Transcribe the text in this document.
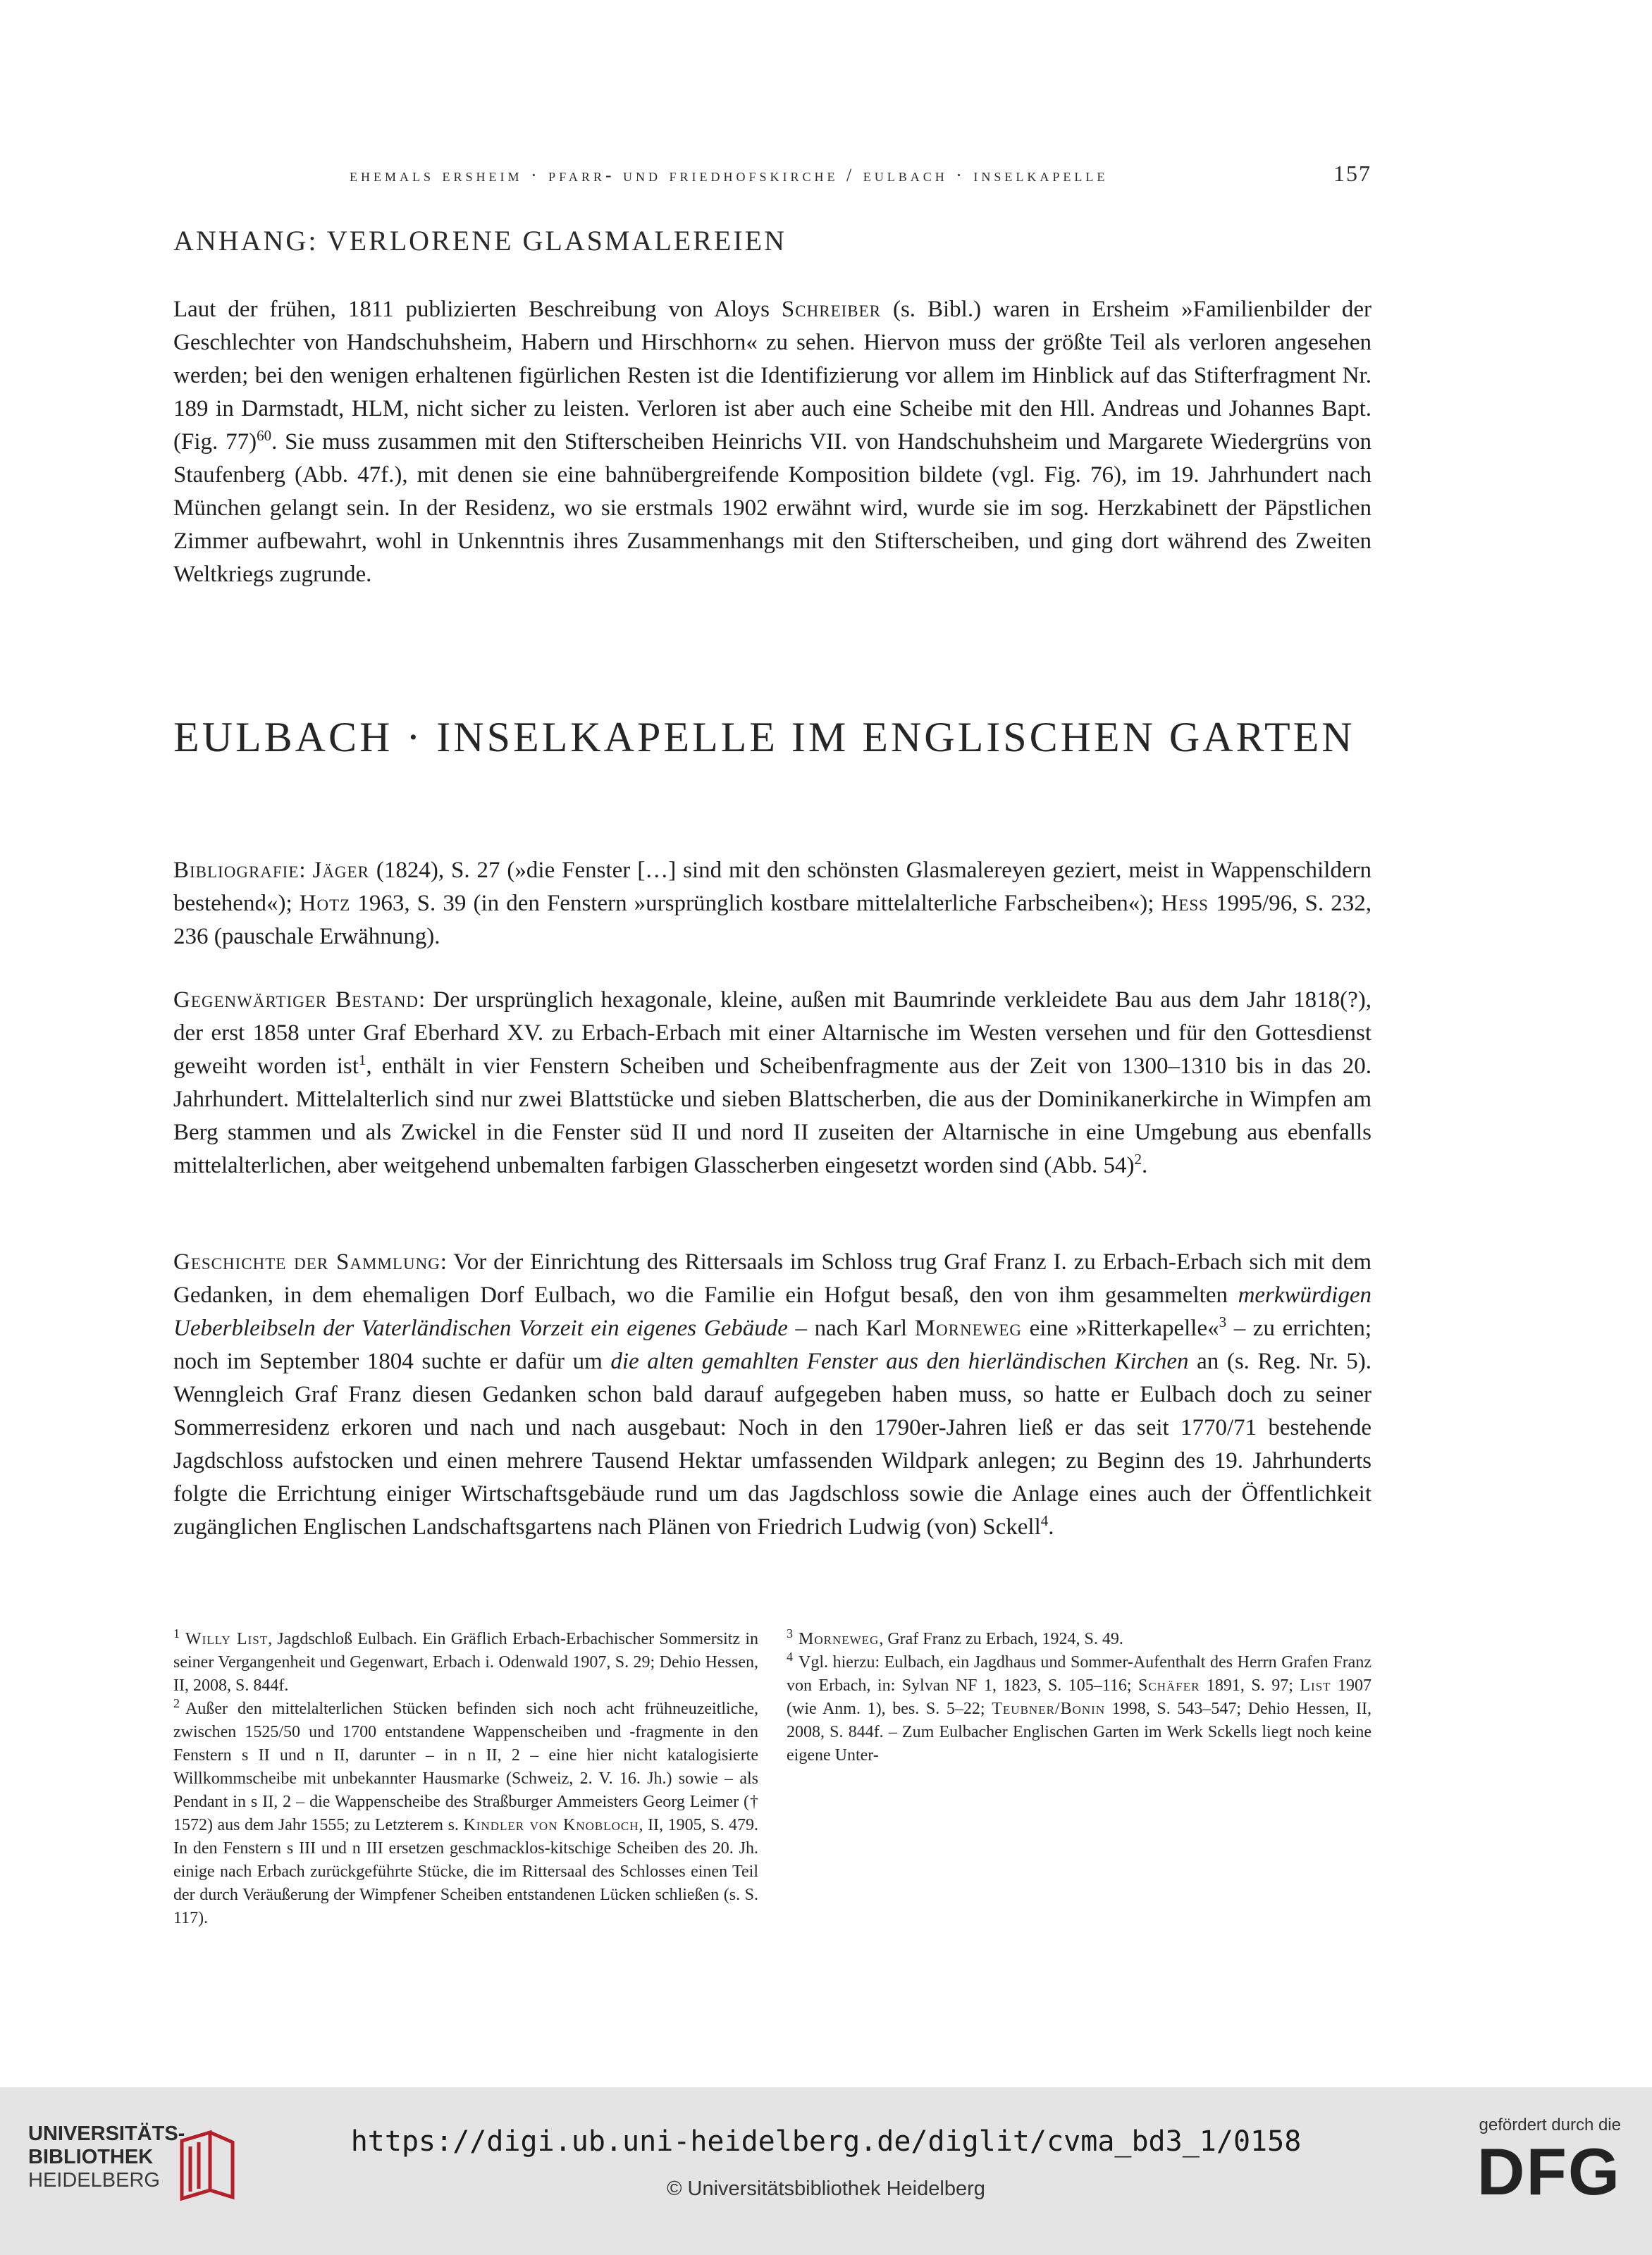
ehemals ersheim · pfarr- und friedhofskirche / eulbach · inselkapelle	157
ANHANG: VERLORENE GLASMALEREIEN

Laut der frühen, 1811 publizierten Beschreibung von Aloys Schreiber (s. Bibl.) waren in Ersheim »Familienbilder der Geschlechter von Handschuhsheim, Habern und Hirschhorn« zu sehen. Hiervon muss der größte Teil als verloren angesehen werden; bei den wenigen erhaltenen figürlichen Resten ist die Identifizierung vor allem im Hinblick auf das Stifterfragment Nr. 189 in Darmstadt, HLM, nicht sicher zu leisten. Verloren ist aber auch eine Scheibe mit den Hll. Andreas und Johannes Bapt. (Fig. 77)$^{60}$. Sie muss zusammen mit den Stifterscheiben Heinrichs VII. von Handschuhsheim und Margarete Wiedergrüns von Staufenberg (Abb. 47f.), mit denen sie eine bahnübergreifende Komposition bildete (vgl. Fig. 76), im 19. Jahrhundert nach München gelangt sein. In der Residenz, wo sie erstmals 1902 erwähnt wird, wurde sie im sog. Herzkabinett der Päpstlichen Zimmer aufbewahrt, wohl in Unkenntnis ihres Zusammenhangs mit den Stifterscheiben, und ging dort während des Zweiten Weltkriegs zugrunde.

EULBACH · INSELKAPELLE IM ENGLISCHEN GARTEN

Bibliografie: Jäger (1824), S. 27 (»die Fenster […] sind mit den schönsten Glasmalereyen geziert, meist in Wappenschildern bestehend«); Hotz 1963, S. 39 (in den Fenstern »ursprünglich kostbare mittelalterliche Farbscheiben«); Hess 1995/96, S. 232, 236 (pauschale Erwähnung).

Gegenwärtiger Bestand: Der ursprünglich hexagonale, kleine, außen mit Baumrinde verkleidete Bau aus dem Jahr 1818(?), der erst 1858 unter Graf Eberhard XV. zu Erbach-Erbach mit einer Altarnische im Westen versehen und für den Gottesdienst geweiht worden ist$^1$, enthält in vier Fenstern Scheiben und Scheibenfragmente aus der Zeit von 1300–1310 bis in das 20. Jahrhundert. Mittelalterlich sind nur zwei Blattstücke und sieben Blattscherben, die aus der Dominikanerkirche in Wimpfen am Berg stammen und als Zwickel in die Fenster süd II und nord II zuseiten der Altarnische in eine Umgebung aus ebenfalls mittelalterlichen, aber weitgehend unbemalten farbigen Glasscherben eingesetzt worden sind (Abb. 54)$^2$.

Geschichte der Sammlung: Vor der Einrichtung des Rittersaals im Schloss trug Graf Franz I. zu Erbach-Erbach sich mit dem Gedanken, in dem ehemaligen Dorf Eulbach, wo die Familie ein Hofgut besaß, den von ihm gesammelten merkwürdigen Ueberbleibseln der Vaterländischen Vorzeit ein eigenes Gebäude – nach Karl Morneweg eine »Ritterkapelle«$^3$ – zu errichten; noch im September 1804 suchte er dafür um die alten gemahlten Fenster aus den hierländischen Kirchen an (s. Reg. Nr. 5). Wenngleich Graf Franz diesen Gedanken schon bald darauf aufgegeben haben muss, so hatte er Eulbach doch zu seiner Sommerresidenz erkoren und nach und nach ausgebaut: Noch in den 1790er-Jahren ließ er das seit 1770/71 bestehende Jagdschloss aufstocken und einen mehrere Tausend Hektar umfassenden Wildpark anlegen; zu Beginn des 19. Jahrhunderts folgte die Errichtung einiger Wirtschaftsgebäude rund um das Jagdschloss sowie die Anlage eines auch der Öffentlichkeit zugänglichen Englischen Landschaftsgartens nach Plänen von Friedrich Ludwig (von) Sckell$^4$.

$^1$ Willy List, Jagdschloß Eulbach. Ein Gräflich Erbach-Erbachischer Sommersitz in seiner Vergangenheit und Gegenwart, Erbach i. Odenwald 1907, S. 29; Dehio Hessen, II, 2008, S. 844f.

$^2$ Außer den mittelalterlichen Stücken befinden sich noch acht frühneuzeitliche, zwischen 1525/50 und 1700 entstandene Wappenscheiben und -fragmente in den Fenstern s II und n II, darunter – in n II, 2 – eine hier nicht katalogisierte Willkommscheibe mit unbekannter Hausmarke (Schweiz, 2. V. 16. Jh.) sowie – als Pendant in s II, 2 – die Wappenscheibe des Straßburger Ammeisters Georg Leimer († 1572) aus dem Jahr 1555; zu Letzterem s. Kindler von Knobloch, II, 1905, S. 479. In den Fenstern s III und n III ersetzen geschmacklos-kitschige Scheiben des 20. Jh. einige nach Erbach zurückgeführte Stücke, die im Rittersaal des Schlosses einen Teil der durch Veräußerung der Wimpfener Scheiben entstandenen Lücken schließen (s. S. 117).

$^3$ Morneweg, Graf Franz zu Erbach, 1924, S. 49.

$^4$ Vgl. hierzu: Eulbach, ein Jagdhaus und Sommer-Aufenthalt des Herrn Grafen Franz von Erbach, in: Sylvan NF 1, 1823, S. 105–116; Schäfer 1891, S. 97; List 1907 (wie Anm. 1), bes. S. 5–22; Teubner/Bonin 1998, S. 543–547; Dehio Hessen, II, 2008, S. 844f. – Zum Eulbacher Englischen Garten im Werk Sckells liegt noch keine eigene Unter-

UNIVERSITÄTS-
BIBLIOTHEK
HEIDELBERG
https://digi.ub.uni-heidelberg.de/diglit/cvma_bd3_1/0158
© Universitätsbibliothek Heidelberg
gefördert durch die
DFG
